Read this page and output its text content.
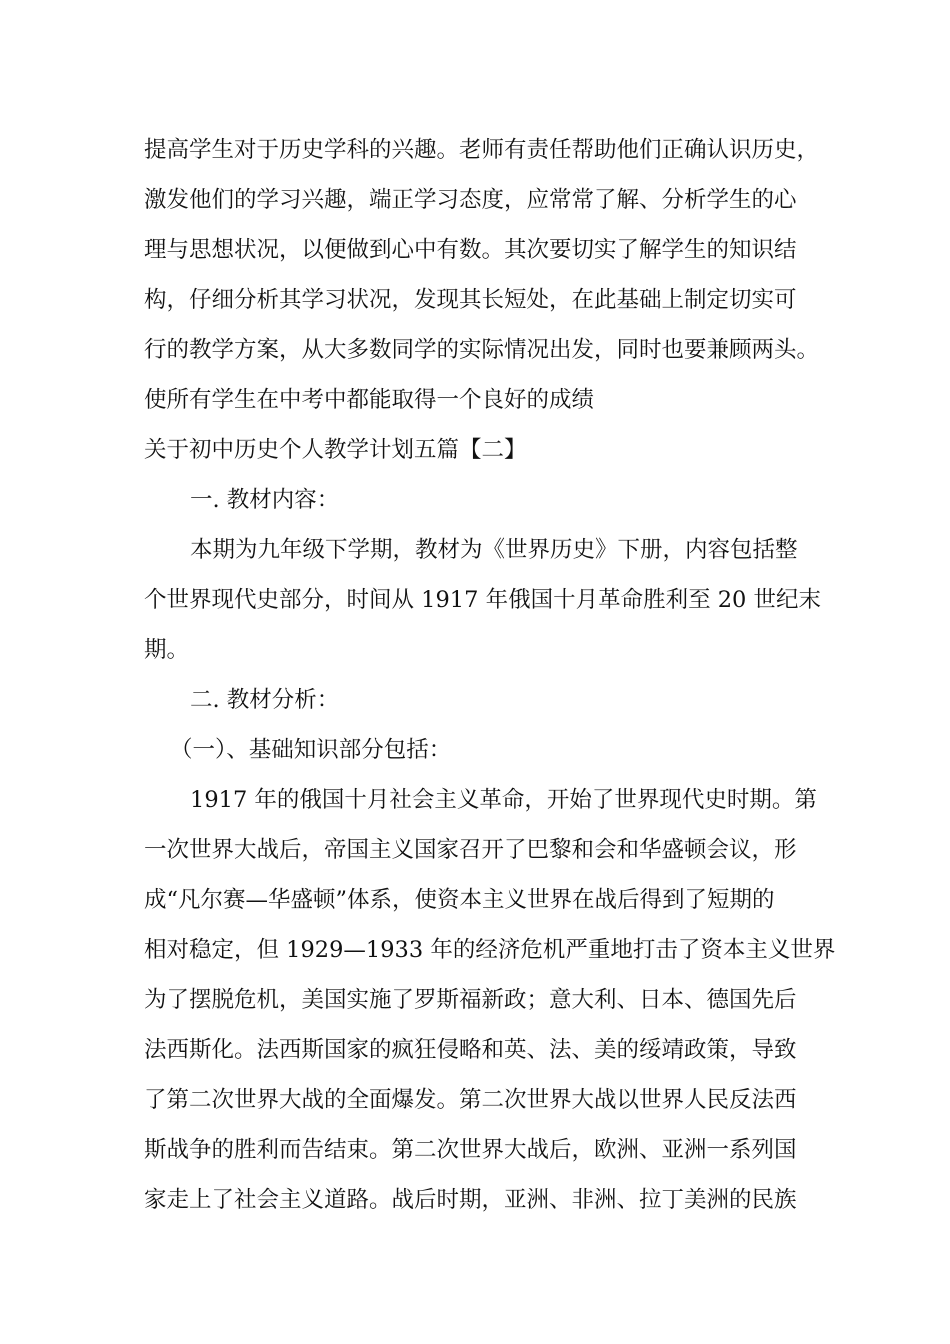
提高学生对于历史学科的兴趣。老师有责任帮助他们正确认识历史，
激发他们的学习兴趣，端正学习态度，应常常了解、分析学生的心
理与思想状况，以便做到心中有数。其次要切实了解学生的知识结
构，仔细分析其学习状况，发现其长短处，在此基础上制定切实可
行的教学方案，从大多数同学的实际情况出发，同时也要兼顾两头。
使所有学生在中考中都能取得一个良好的成绩
关于初中历史个人教学计划五篇【二】
一. 教材内容：
本期为九年级下学期，教材为《世界历史》下册，内容包括整
个世界现代史部分，时间从 1917 年俄国十月革命胜利至 20 世纪末
期。
二. 教材分析：
（一）、基础知识部分包括：
1917 年的俄国十月社会主义革命，开始了世界现代史时期。第
一次世界大战后，帝国主义国家召开了巴黎和会和华盛顿会议，形
成“凡尔赛—华盛顿”体系，使资本主义世界在战后得到了短期的
相对稳定，但 1929—1933 年的经济危机严重地打击了资本主义世界
为了摆脱危机，美国实施了罗斯福新政；意大利、日本、德国先后
法西斯化。法西斯国家的疯狂侵略和英、法、美的绥靖政策，导致
了第二次世界大战的全面爆发。第二次世界大战以世界人民反法西
斯战争的胜利而告结束。第二次世界大战后，欧洲、亚洲一系列国
家走上了社会主义道路。战后时期，亚洲、非洲、拉丁美洲的民族
